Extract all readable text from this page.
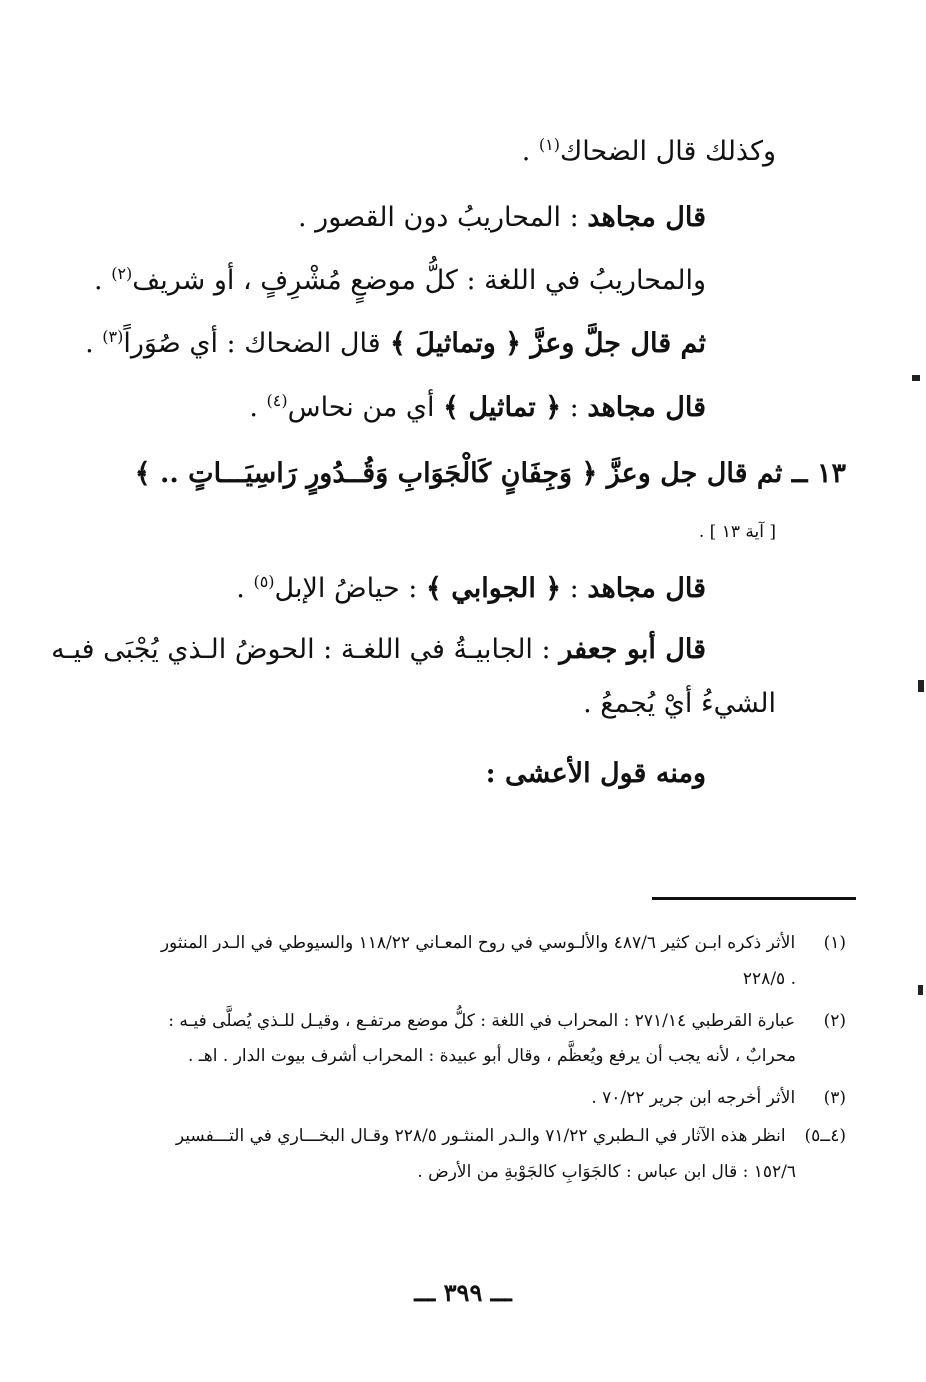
وكذلك قال الضحاك$^{(١)}$ .
قال مجاهد : المحاريبُ دون القصور .
والمحاريبُ في اللغة : كلُّ موضعٍ مُشْرِفٍ ، أو شريف$^{(٢)}$ .
ثم قال جلَّ وعزَّ ﴿ وتماثيلَ ﴾ قال الضحاك : أي صُوَراً$^{(٣)}$ .
قال مجاهد : ﴿ تماثيل ﴾ أي من نحاس$^{(٤)}$ .
١٣ ــ ثم قال جل وعزَّ ﴿ وَجِفَانٍ كَالْجَوَابِ وَقُــدُورٍ رَاسِيَـــاتٍ .. ﴾
[ آية ١٣ ] .
قال مجاهد : ﴿ الجوابي ﴾ : حياضُ الإبل$^{(٥)}$ .
قال أبو جعفر : الجابيـةُ في اللغـة : الحوضُ الـذي يُجْبَى فيـه
الشيءُ أيْ يُجمعُ .
ومنه قول الأعشى :
(١)  الأثر ذكره ابـن كثير ٤٨٧/٦ والألـوسي في روح المعـاني ١١٨/٢٢ والسيوطي في الـدر المنثور
٢٢٨/٥ .
(٢)  عبارة القرطبي ٢٧١/١٤ : المحراب في اللغة : كلُّ موضع مرتفـع ، وقيـل للـذي يُصلَّى فيـه :
محرابٌ ، لأنه يجب أن يرفع ويُعظَّم ، وقال أبو عبيدة : المحراب أشرف بيوت الدار . اهـ .
(٣)  الأثر أخرجه ابن جرير ٧٠/٢٢ .
(٤ــ٥) انظر هذه الآثار في الـطبري ٧١/٢٢ والـدر المنثـور ٢٢٨/٥ وقـال البخـــاري في التـــفسير
١٥٢/٦ : قال ابن عباس : كالجَوَابِ كالجَوْبةِ من الأرض .
ـــ ٣٩٩ ـــ
